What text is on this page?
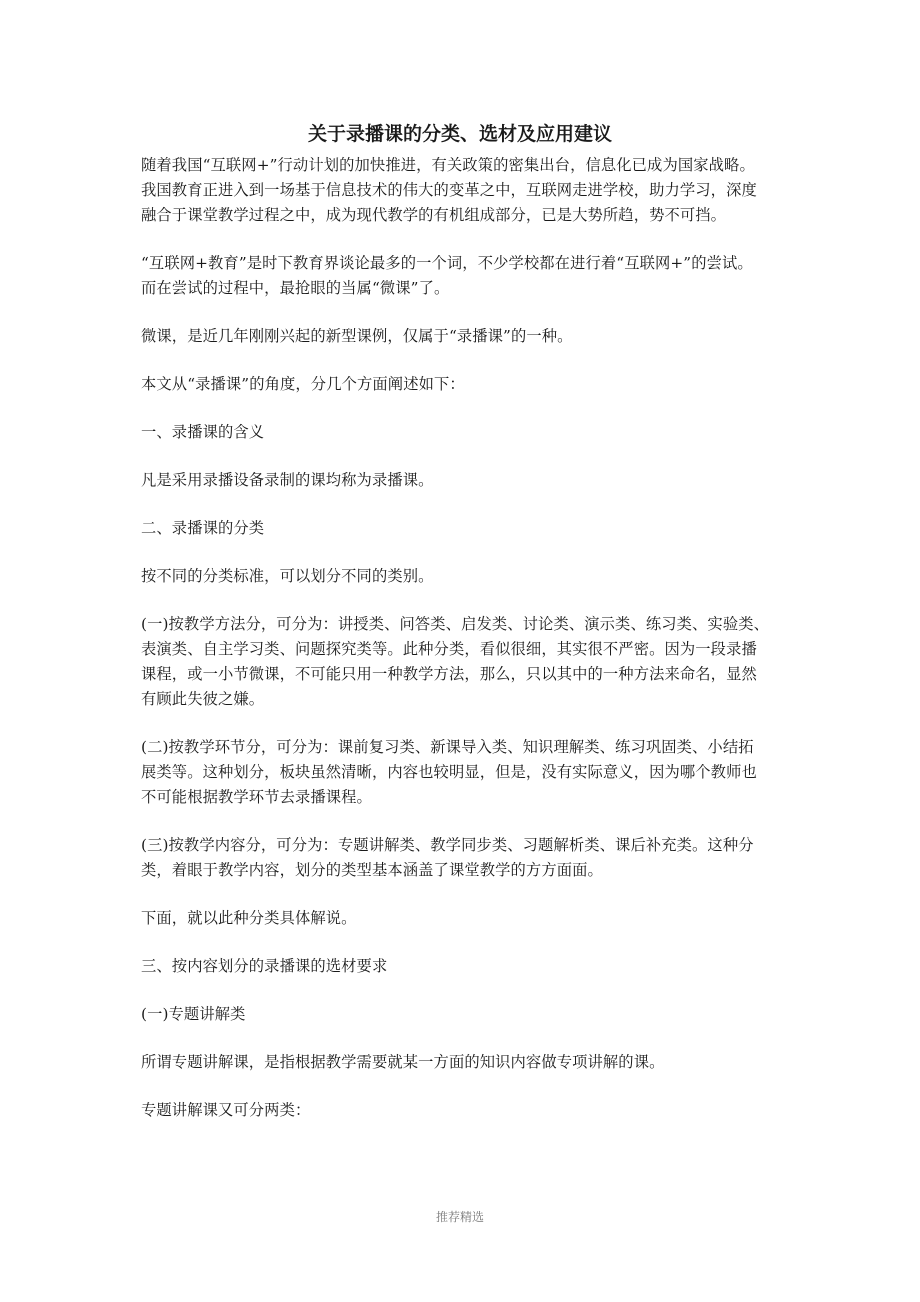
关于录播课的分类、选材及应用建议

随着我国“互联网+”行动计划的加快推进，有关政策的密集出台，信息化已成为国家战略。
我国教育正进入到一场基于信息技术的伟大的变革之中，互联网走进学校，助力学习，深度
融合于课堂教学过程之中，成为现代教学的有机组成部分，已是大势所趋，势不可挡。

“互联网+教育”是时下教育界谈论最多的一个词，不少学校都在进行着“互联网+”的尝试。
而在尝试的过程中，最抢眼的当属“微课”了。

微课，是近几年刚刚兴起的新型课例，仅属于“录播课”的一种。

本文从“录播课”的角度，分几个方面阐述如下：

一、录播课的含义

凡是采用录播设备录制的课均称为录播课。

二、录播课的分类

按不同的分类标准，可以划分不同的类别。

(一)按教学方法分，可分为：讲授类、问答类、启发类、讨论类、演示类、练习类、实验类、
表演类、自主学习类、问题探究类等。此种分类，看似很细，其实很不严密。因为一段录播
课程，或一小节微课，不可能只用一种教学方法，那么，只以其中的一种方法来命名，显然
有顾此失彼之嫌。

(二)按教学环节分，可分为：课前复习类、新课导入类、知识理解类、练习巩固类、小结拓
展类等。这种划分，板块虽然清晰，内容也较明显，但是，没有实际意义，因为哪个教师也
不可能根据教学环节去录播课程。

(三)按教学内容分，可分为：专题讲解类、教学同步类、习题解析类、课后补充类。这种分
类，着眼于教学内容，划分的类型基本涵盖了课堂教学的方方面面。

下面，就以此种分类具体解说。

三、按内容划分的录播课的选材要求

(一)专题讲解类

所谓专题讲解课，是指根据教学需要就某一方面的知识内容做专项讲解的课。

专题讲解课又可分两类：

推荐精选
